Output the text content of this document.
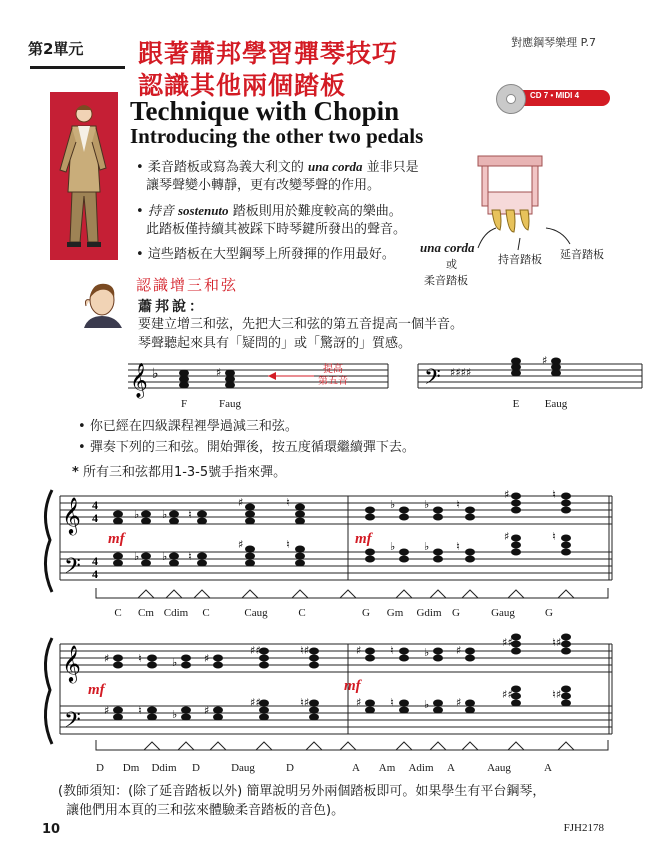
第2單元 跟著蕭邦學習彈琴技巧
認識其他兩個踏板
對應鋼琴樂理 P.7
CD 7 • MIDI 4
Technique with Chopin
Introducing the other two pedals
• 柔音踏板或寫為義大利文的 una corda 並非只是
讓琴聲變小轉靜，更有改變琴聲的作用。
• 持音 sostenuto 踏板則用於難度較高的樂曲。
此踏板僅持續其被踩下時琴鍵所發出的聲音。
• 這些踏板在大型鋼琴上所發揮的作用最好。 una corda
或
柔音踏板
持音踏板 延音踏板
認識增三和弦
蕭邦說：
要建立增三和弦，先把大三和弦的第五音提高一個半音。
琴聲聽起來具有「疑問的」或「驚訝的」質感。
𝄞 ♭	♯	𝄢 ♯♯♯♯
♯
提高
第五音
F	Faug	E	Eaug
• 你已經在四級課程裡學過減三和弦。
• 彈奏下列的三和弦。開始彈後，按五度循環繼續彈下去。
* 所有三和弦都用1-3-5號手指來彈。
𝄞
𝄢
4
4
4
4
♭ ♭ ♮
♯	♮	♭	♭ ♮
♯	♮
♭ ♭ ♮
♯	♮	♭	♭ ♮
♯	♮
mf	mf
C	Cm Cdim	C	Caug	C	G	Gm	Gdim G	Gaug	G
𝄞
𝄢
♯	♮	♭ ♯
♯♯	♮♯	♯	♮	♭ ♯
♯♯	♮♯
♯	♮	♭ ♯
♯♯	♮♯	♯	♮	♭ ♯
♯♯	♮♯
mf	mf
D	Dm	Ddim	D	Daug	D	A	Am	Adim	A	Aaug	A
(教師須知：(除了延音踏板以外) 簡單說明另外兩個踏板即可。如果學生有平台鋼琴，
讓他們用本頁的三和弦來體驗柔音踏板的音色)。
10	FJH2178
